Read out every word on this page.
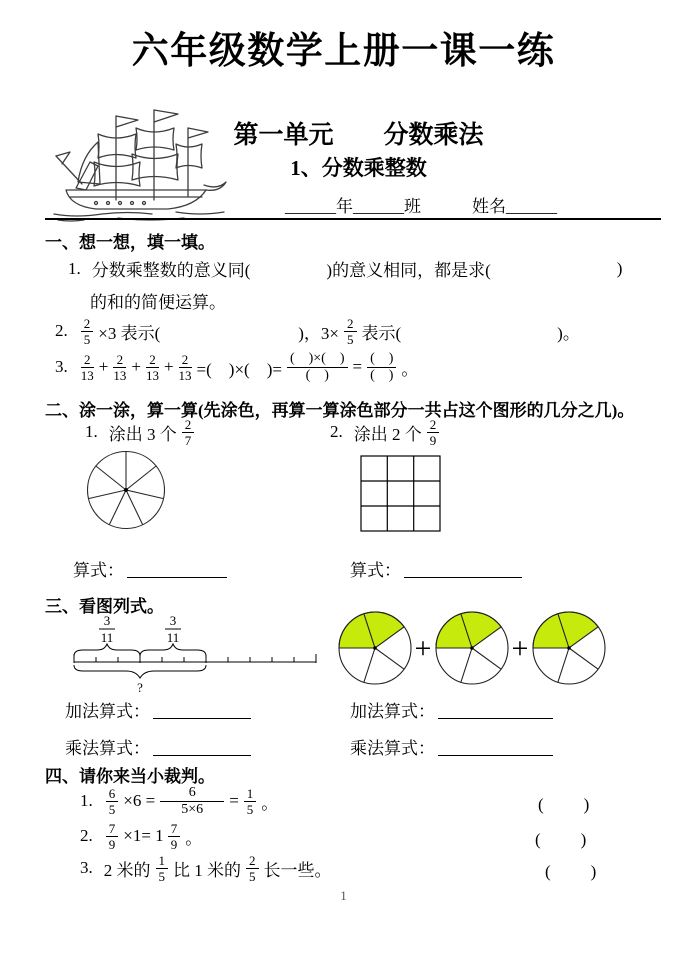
六年级数学上册一课一练
第一单元　　分数乘法
1、分数乘整数
______年______班　　　姓名______
一、想一想，填一填。
1. 分数乘整数的意义同(	)的意义相同，都是求(	)
的和的简便运算。
2. $\frac{2}{5} \times 3$ 表示(	)，$3\times \frac{2}{5}$ 表示(	)。
3. $\frac{2}{13} + \frac{2}{13} + \frac{2}{13} + \frac{2}{13}$ =(　)×(　)= $\frac{( )\times( )}{( )} = \frac{( )}{( )}$ 。
二、涂一涂，算一算(先涂色，再算一算涂色部分一共占这个图形的几分之几)。
1. 涂出 3 个 $\frac{2}{7}$	2. 涂出 2 个 $\frac{2}{9}$
算式：	算式：
三、看图列式。
3
11
3
11
?
+	+
加法算式：	加法算式：
乘法算式：	乘法算式：
四、请你来当小裁判。
1. $\frac{6}{5} \times 6 = \frac{6}{5\times 6} = \frac{1}{5}$ 。	(　　)
2. $\frac{7}{9} \times 1= 1 \frac{7}{9}$ 。	(　　)
3. 2 米的 $\frac{1}{5}$ 比 1 米的 $\frac{2}{5}$ 长一些。	(　　)
1
